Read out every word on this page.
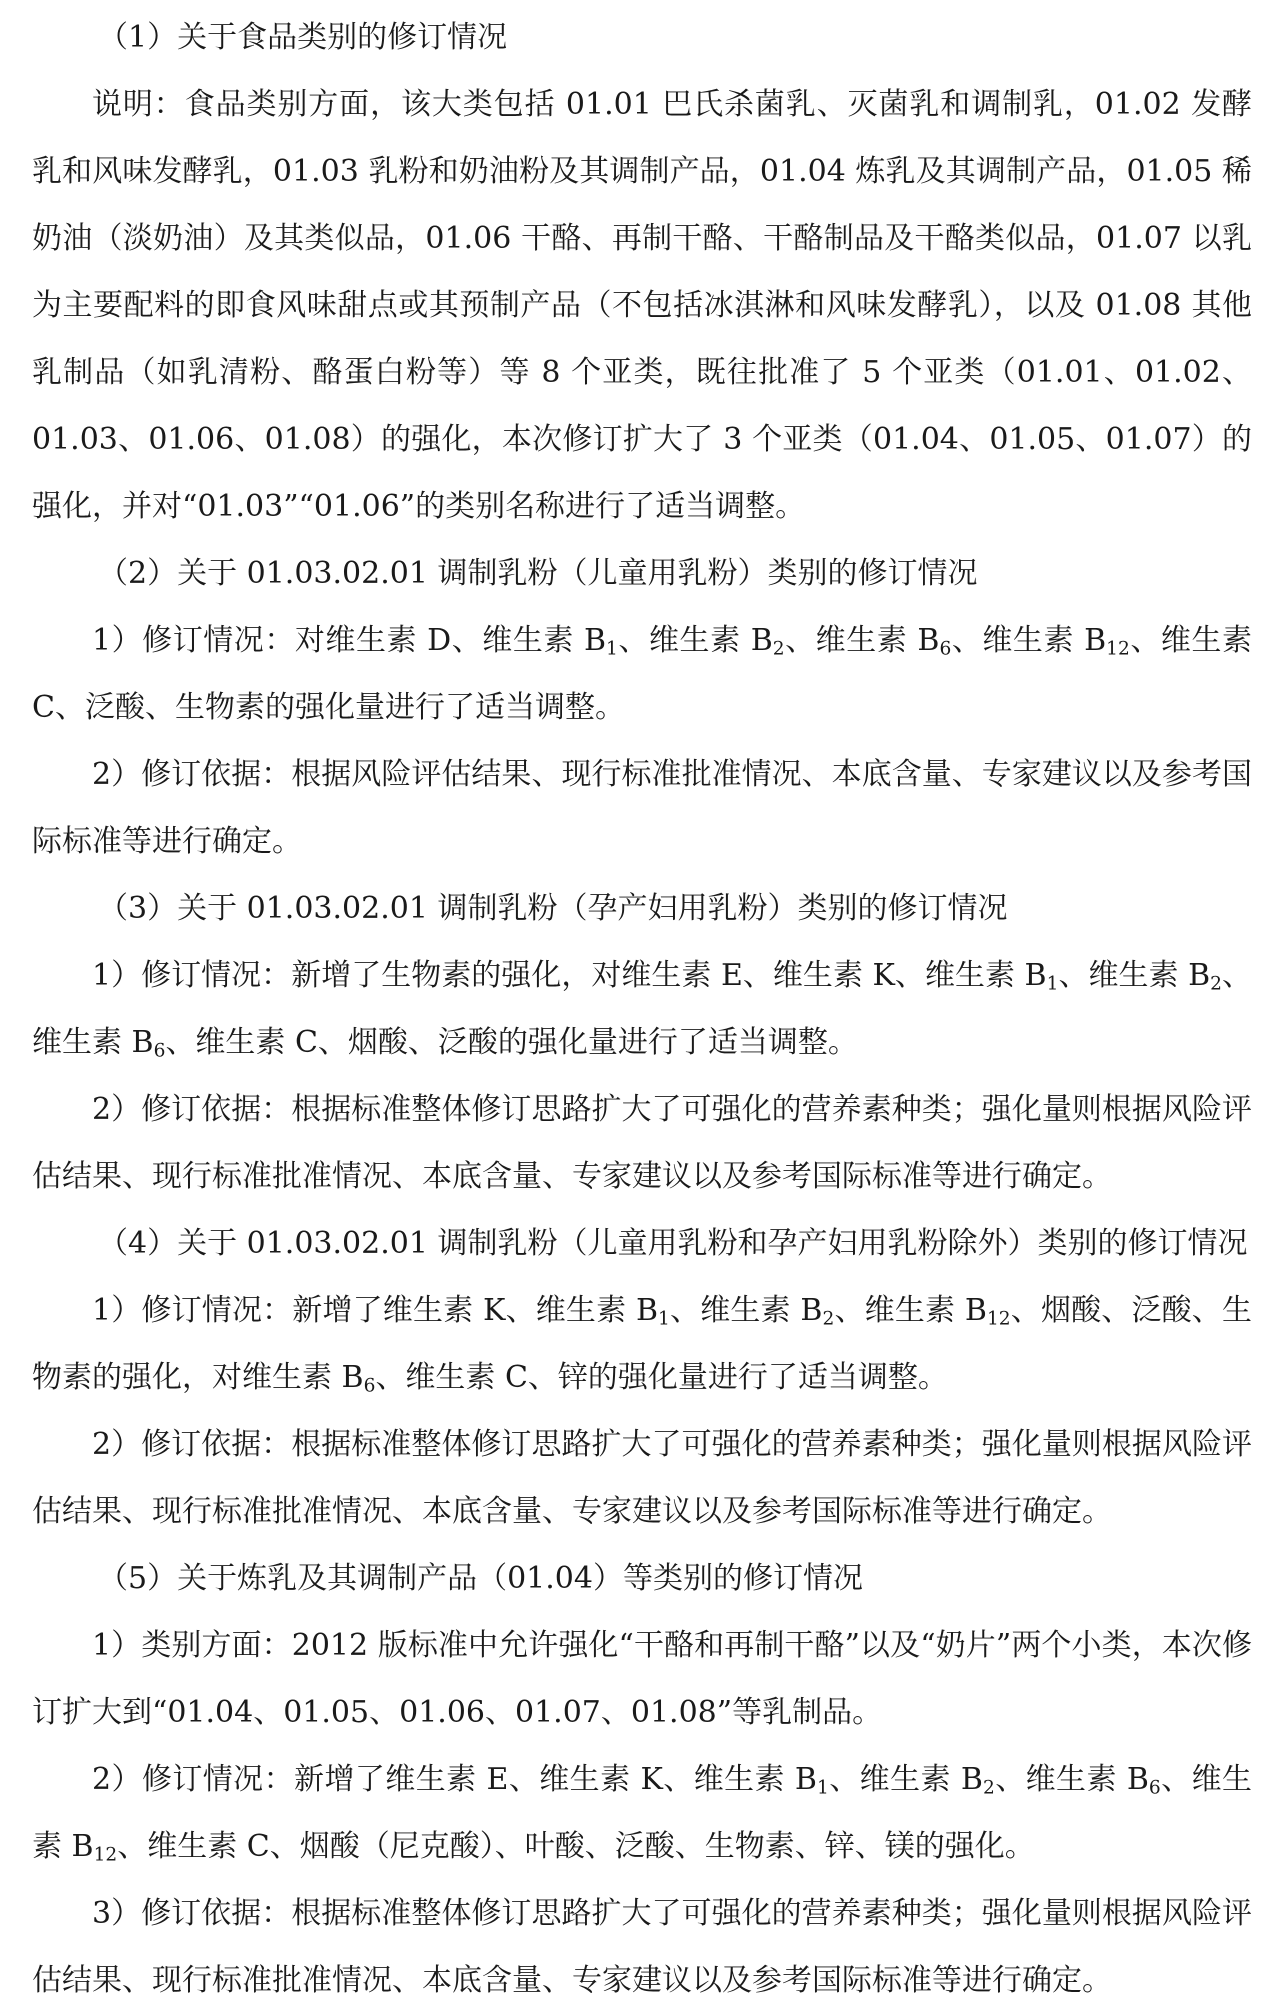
（1）关于食品类别的修订情况

说明：食品类别方面，该大类包括 01.01 巴氏杀菌乳、灭菌乳和调制乳，01.02 发酵乳和风味发酵乳，01.03 乳粉和奶油粉及其调制产品，01.04 炼乳及其调制产品，01.05 稀奶油（淡奶油）及其类似品，01.06 干酪、再制干酪、干酪制品及干酪类似品，01.07 以乳为主要配料的即食风味甜点或其预制产品（不包括冰淇淋和风味发酵乳），以及 01.08 其他乳制品（如乳清粉、酪蛋白粉等）等 8 个亚类，既往批准了 5 个亚类（01.01、01.02、01.03、01.06、01.08）的强化，本次修订扩大了 3 个亚类（01.04、01.05、01.07）的强化，并对“01.03”“01.06”的类别名称进行了适当调整。

（2）关于 01.03.02.01 调制乳粉（儿童用乳粉）类别的修订情况

1）修订情况：对维生素 D、维生素 $B_1$、维生素 $B_2$、维生素 $B_6$、维生素 $B_{12}$、维生素 C、泛酸、生物素的强化量进行了适当调整。

2）修订依据：根据风险评估结果、现行标准批准情况、本底含量、专家建议以及参考国际标准等进行确定。

（3）关于 01.03.02.01 调制乳粉（孕产妇用乳粉）类别的修订情况

1）修订情况：新增了生物素的强化，对维生素 E、维生素 K、维生素 $B_1$、维生素 $B_2$、维生素 $B_6$、维生素 C、烟酸、泛酸的强化量进行了适当调整。

2）修订依据：根据标准整体修订思路扩大了可强化的营养素种类；强化量则根据风险评估结果、现行标准批准情况、本底含量、专家建议以及参考国际标准等进行确定。

（4）关于 01.03.02.01 调制乳粉（儿童用乳粉和孕产妇用乳粉除外）类别的修订情况

1）修订情况：新增了维生素 K、维生素 $B_1$、维生素 $B_2$、维生素 $B_{12}$、烟酸、泛酸、生物素的强化，对维生素 $B_6$、维生素 C、锌的强化量进行了适当调整。

2）修订依据：根据标准整体修订思路扩大了可强化的营养素种类；强化量则根据风险评估结果、现行标准批准情况、本底含量、专家建议以及参考国际标准等进行确定。

（5）关于炼乳及其调制产品（01.04）等类别的修订情况

1）类别方面：2012 版标准中允许强化“干酪和再制干酪”以及“奶片”两个小类，本次修订扩大到“01.04、01.05、01.06、01.07、01.08”等乳制品。

2）修订情况：新增了维生素 E、维生素 K、维生素 $B_1$、维生素 $B_2$、维生素 $B_6$、维生素 $B_{12}$、维生素 C、烟酸（尼克酸）、叶酸、泛酸、生物素、锌、镁的强化。

3）修订依据：根据标准整体修订思路扩大了可强化的营养素种类；强化量则根据风险评估结果、现行标准批准情况、本底含量、专家建议以及参考国际标准等进行确定。
